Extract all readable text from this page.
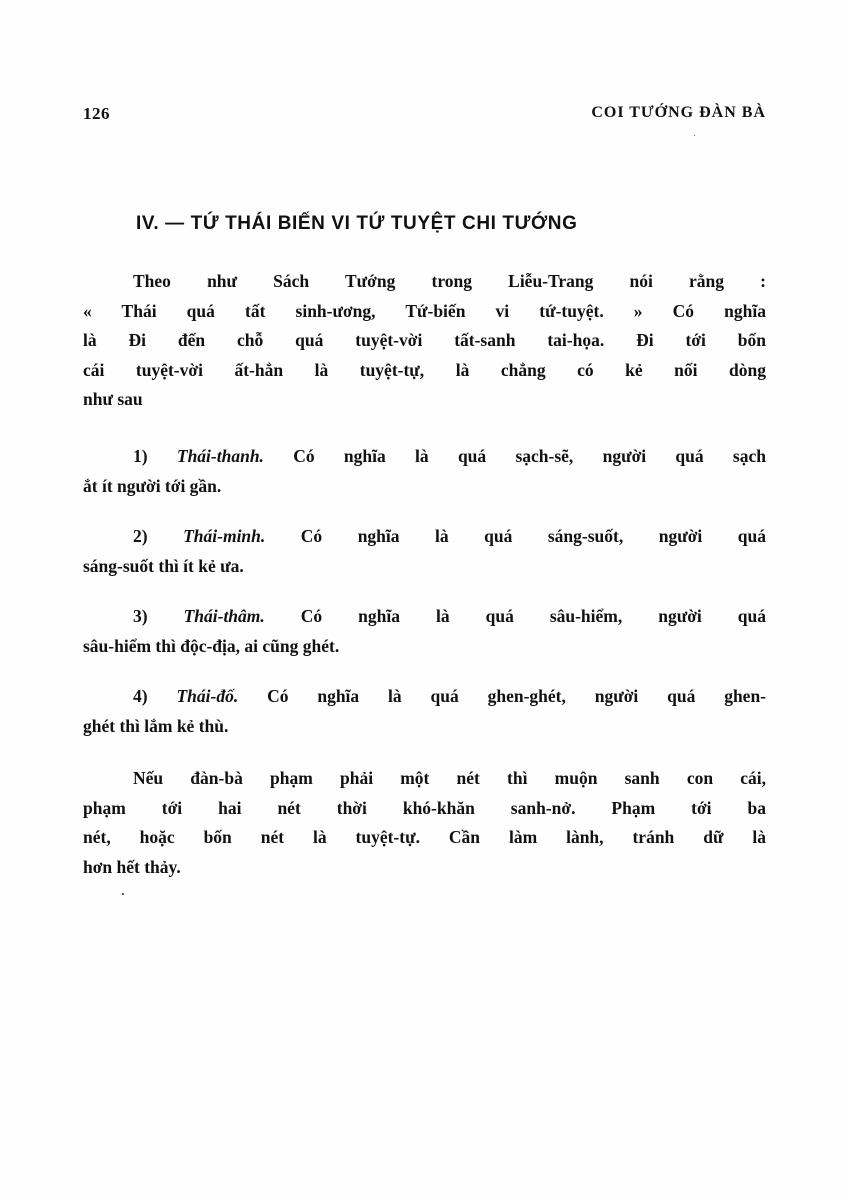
126	COI TƯỚNG ĐÀN BÀ
IV. — TỨ THÁI BIẾN VI TỨ TUYỆT CHI TƯỚNG

Theo như Sách Tướng trong Liễu-Trang nói rằng :
« Thái quá tất sinh-ương, Tứ-biến vi tứ-tuyệt. » Có nghĩa
là Đi đến chỗ quá tuyệt-vời tất-sanh tai-họa. Đi tới bốn
cái tuyệt-vời ất-hẳn là tuyệt-tự, là chẳng có kẻ nối dòng
như sau

1) Thái-thanh. Có nghĩa là quá sạch-sẽ, người quá sạch
ắt ít người tới gần.

2) Thái-minh. Có nghĩa là quá sáng-suốt, người quá
sáng-suốt thì ít kẻ ưa.

3) Thái-thâm. Có nghĩa là quá sâu-hiểm, người quá
sâu-hiểm thì độc-địa, ai cũng ghét.

4) Thái-đố. Có nghĩa là quá ghen-ghét, người quá ghen-
ghét thì lắm kẻ thù.

Nếu đàn-bà phạm phải một nét thì muộn sanh con cái,
phạm tới hai nét thời khó-khăn sanh-nở. Phạm tới ba
nét, hoặc bốn nét là tuyệt-tự. Cần làm lành, tránh dữ là
hơn hết thảy.
